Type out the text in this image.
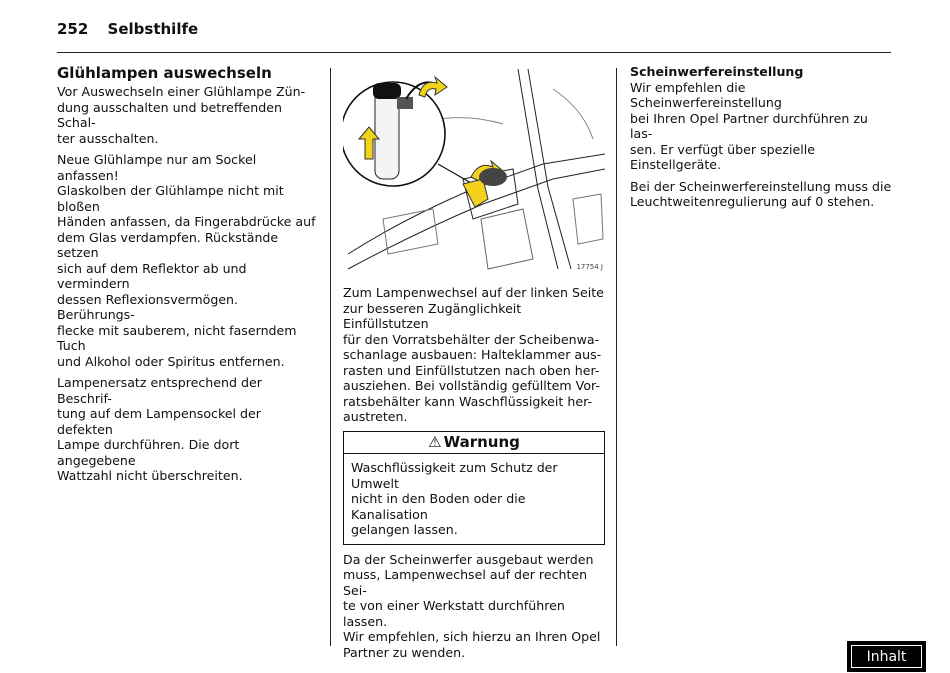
252 Selbsthilfe
Glühlampen auswechseln

Vor Auswechseln einer Glühlampe Zün-
dung ausschalten und betreffenden Schal-
ter ausschalten.

Neue Glühlampe nur am Sockel anfassen!
Glaskolben der Glühlampe nicht mit bloßen
Händen anfassen, da Fingerabdrücke auf
dem Glas verdampfen. Rückstände setzen
sich auf dem Reflektor ab und vermindern
dessen Reflexionsvermögen. Berührungs-
flecke mit sauberem, nicht faserndem Tuch
und Alkohol oder Spiritus entfernen.

Lampenersatz entsprechend der Beschrif-
tung auf dem Lampensockel der defekten
Lampe durchführen. Die dort angegebene
Wattzahl nicht überschreiten.

17754 J

Zum Lampenwechsel auf der linken Seite
zur besseren Zugänglichkeit Einfüllstutzen
für den Vorratsbehälter der Scheibenwa-
schanlage ausbauen: Halteklammer aus-
rasten und Einfüllstutzen nach oben her-
ausziehen. Bei vollständig gefülltem Vor-
ratsbehälter kann Waschflüssigkeit her-
austreten.

⚠ Warnung
Waschflüssigkeit zum Schutz der Umwelt
nicht in den Boden oder die Kanalisation
gelangen lassen.

Da der Scheinwerfer ausgebaut werden
muss, Lampenwechsel auf der rechten Sei-
te von einer Werkstatt durchführen lassen.
Wir empfehlen, sich hierzu an Ihren Opel
Partner zu wenden.

Scheinwerfereinstellung

Wir empfehlen die Scheinwerfereinstellung
bei Ihren Opel Partner durchführen zu las-
sen. Er verfügt über spezielle Einstellgeräte.

Bei der Scheinwerfereinstellung muss die
Leuchtweitenregulierung auf 0 stehen.

Inhalt
